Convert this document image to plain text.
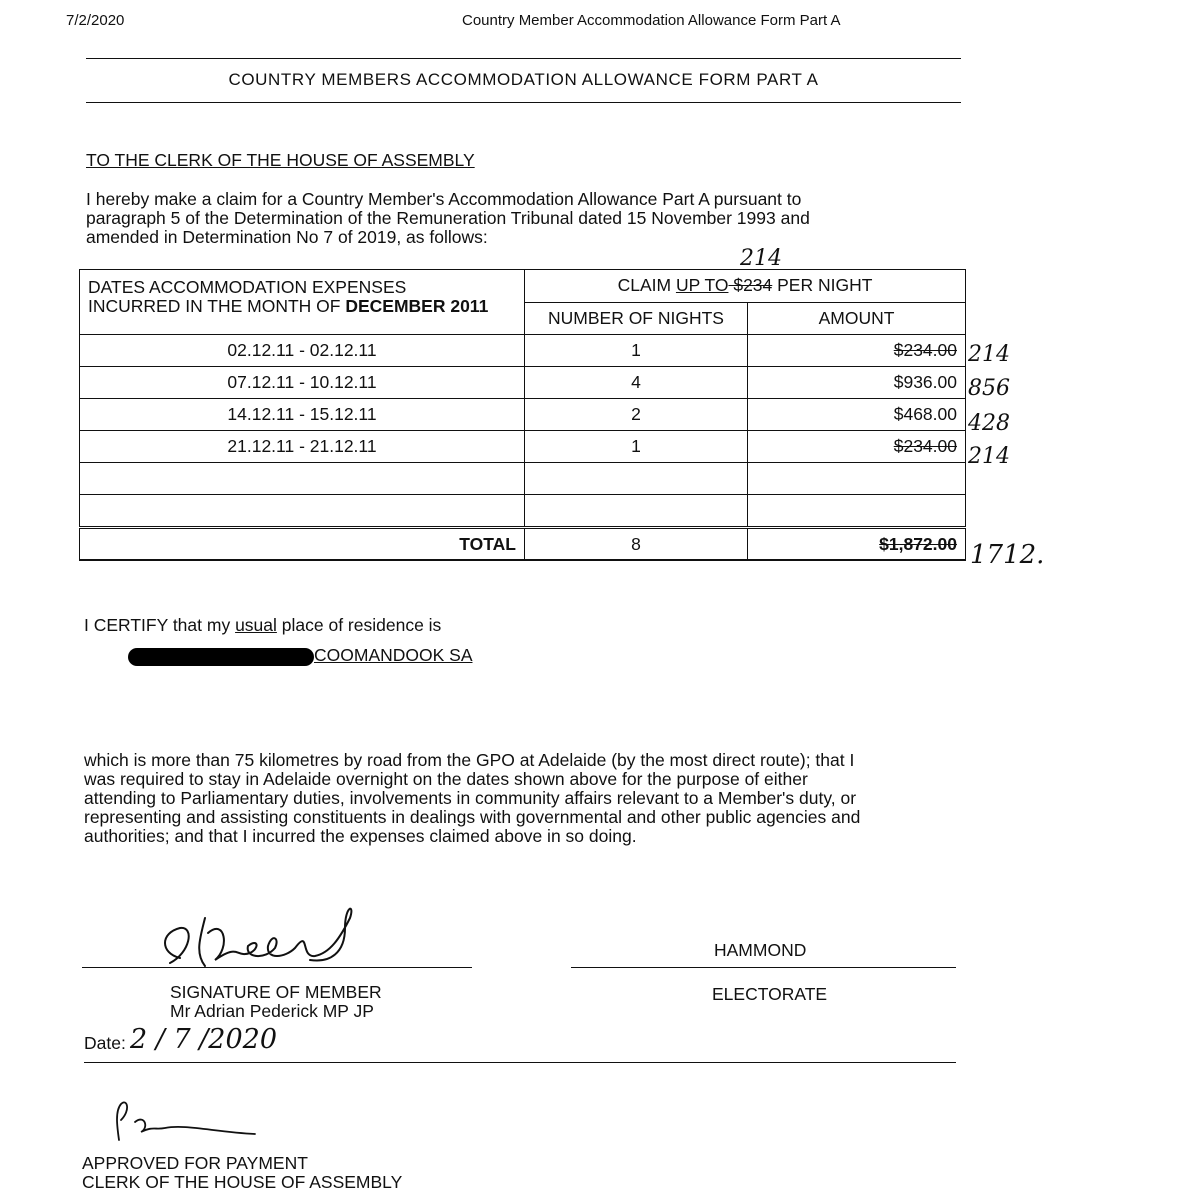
7/2/2020	Country Member Accommodation Allowance Form Part A
COUNTRY MEMBERS ACCOMMODATION ALLOWANCE FORM PART A
TO THE CLERK OF THE HOUSE OF ASSEMBLY
I hereby make a claim for a Country Member's Accommodation Allowance Part A pursuant to
paragraph 5 of the Determination of the Remuneration Tribunal dated 15 November 1993 and
amended in Determination No 7 of 2019, as follows:
214
DATES ACCOMMODATION EXPENSES
INCURRED IN THE MONTH OF DECEMBER 2011	CLAIM UP TO $234 PER NIGHT	
	NUMBER OF NIGHTS	AMOUNT
02.12.11 - 02.12.11	1	$234.00
07.12.11 - 10.12.11	4	$936.00
14.12.11 - 15.12.11	2	$468.00
21.12.11 - 21.12.11	1	$234.00

TOTAL	8	$1,872.00
214
856
428
214
1712.
I CERTIFY that my usual place of residence is
COOMANDOOK SA
which is more than 75 kilometres by road from the GPO at Adelaide (by the most direct route); that I
was required to stay in Adelaide overnight on the dates shown above for the purpose of either
attending to Parliamentary duties, involvements in community affairs relevant to a Member's duty, or
representing and assisting constituents in dealings with governmental and other public agencies and
authorities; and that I incurred the expenses claimed above in so doing.
SIGNATURE OF MEMBER
Mr Adrian Pederick MP JP
HAMMOND
ELECTORATE
Date: 2 / 7 /2020
APPROVED FOR PAYMENT
CLERK OF THE HOUSE OF ASSEMBLY
